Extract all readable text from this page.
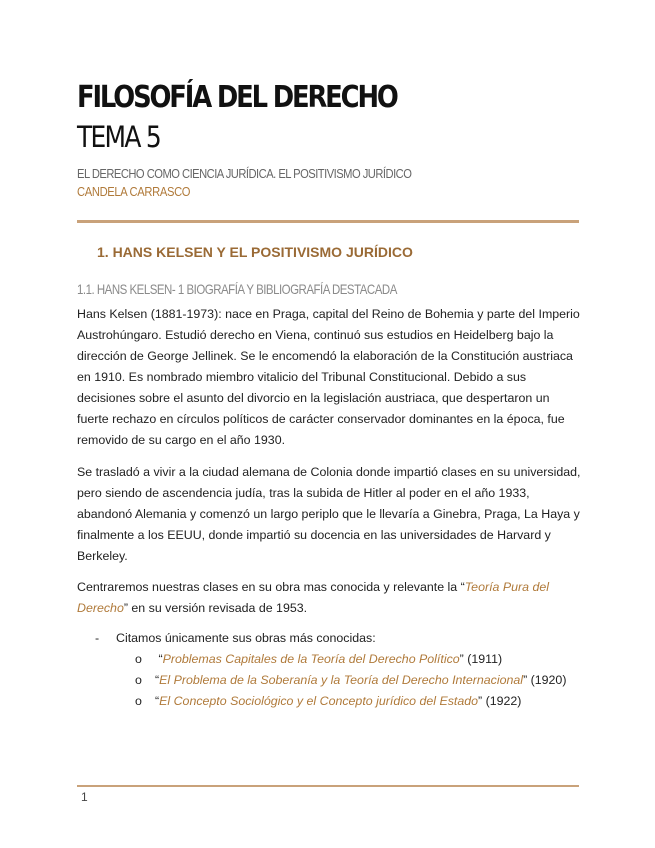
FILOSOFÍA DEL DERECHO
TEMA 5
EL DERECHO COMO CIENCIA JURÍDICA. EL POSITIVISMO JURÍDICO
CANDELA CARRASCO
1. HANS KELSEN Y EL POSITIVISMO JURÍDICO
1.1. HANS KELSEN- 1 BIOGRAFÍA Y BIBLIOGRAFÍA DESTACADA
Hans Kelsen (1881-1973): nace en Praga, capital del Reino de Bohemia y parte del Imperio Austrohúngaro. Estudió derecho en Viena, continuó sus estudios en Heidelberg bajo la dirección de George Jellinek. Se le encomendó la elaboración de la Constitución austriaca en 1910. Es nombrado miembro vitalicio del Tribunal Constitucional. Debido a sus decisiones sobre el asunto del divorcio en la legislación austriaca, que despertaron un fuerte rechazo en círculos políticos de carácter conservador dominantes en la época, fue removido de su cargo en el año 1930.
Se trasladó a vivir a la ciudad alemana de Colonia donde impartió clases en su universidad, pero siendo de ascendencia judía, tras la subida de Hitler al poder en el año 1933, abandonó Alemania y comenzó un largo periplo que le llevaría a Ginebra, Praga, La Haya y finalmente a los EEUU, donde impartió su docencia en las universidades de Harvard y Berkeley.
Centraremos nuestras clases en su obra mas conocida y relevante la “Teoría Pura del Derecho” en su versión revisada de 1953.
- Citamos únicamente sus obras más conocidas:
o “Problemas Capitales de la Teoría del Derecho Político” (1911)
o “El Problema de la Soberanía y la Teoría del Derecho Internacional” (1920)
o “El Concepto Sociológico y el Concepto jurídico del Estado” (1922)
1
